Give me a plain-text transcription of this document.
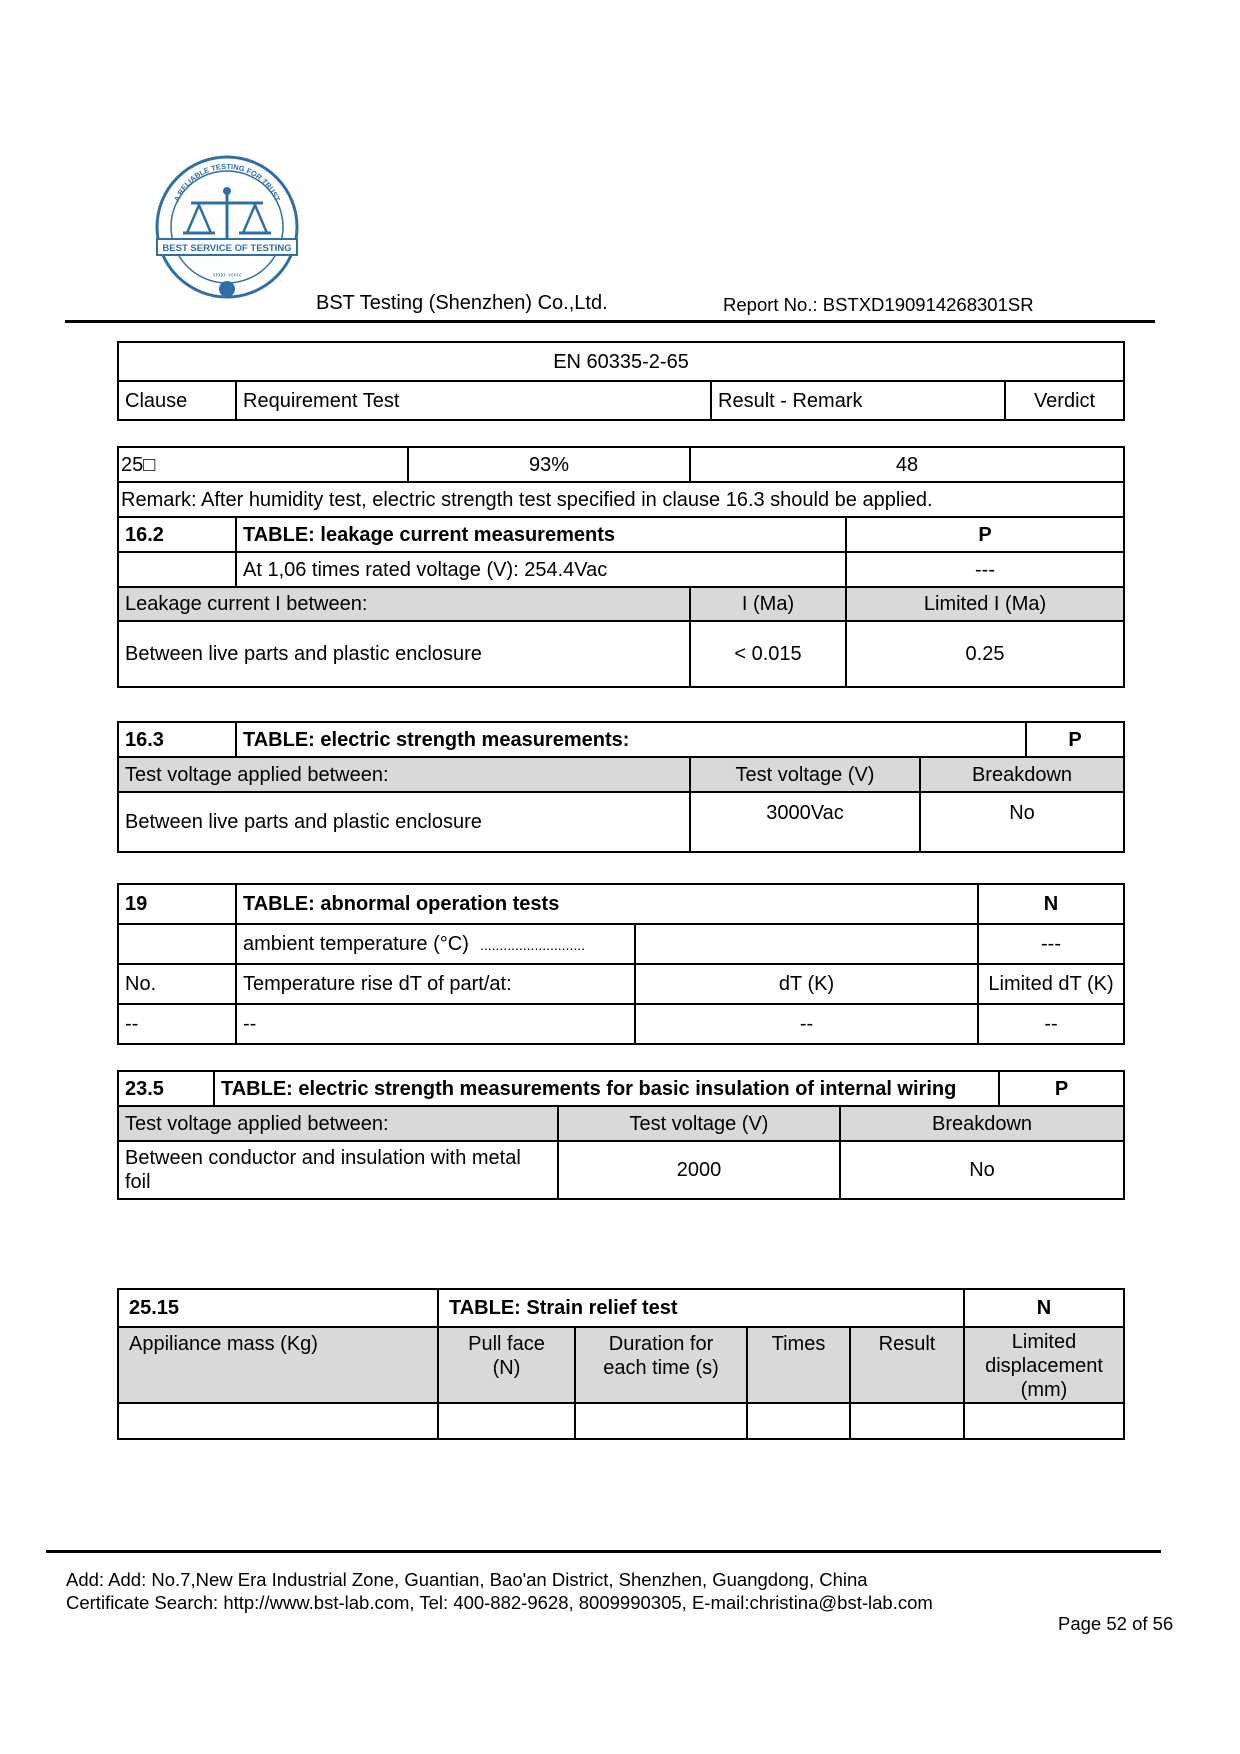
BEST SERVICE OF TESTING
A RELIABLE TESTING FOR TRUST
››››› ‹‹‹‹‹
BST Testing (Shenzhen) Co.,Ltd.	Report No.: BSTXD190914268301SR
EN 60335-2-65
Clause	Requirement Test	Result - Remark	Verdict
25□		93%	48	
Remark: After humidity test, electric strength test specified in clause 16.3 should be applied.				
16.2	TABLE: leakage current measurements			P
	At 1,06 times rated voltage (V): 254.4Vac			---
Leakage current I between:			I (Ma)	Limited I (Ma)
Between live parts and plastic enclosure			< 0.015	0.25
16.3	TABLE: electric strength measurements:			P
Test voltage applied between:		Test voltage (V)	Breakdown	
Between live parts and plastic enclosure		3000Vac	No	
19	TABLE: abnormal operation tests		N
	ambient temperature (°C) ...........................		---
No.	Temperature rise dT of part/at:	dT (K)	Limited dT (K)
--	--	--	--
23.5	TABLE: electric strength measurements for basic insulation of internal wiring			P
Test voltage applied between:		Test voltage (V)	Breakdown	
Between conductor and insulation with metal foil		2000	No	
25.15	TABLE: Strain relief test				N
Appiliance mass (Kg)	Pull face (N)	Duration for each time (s)	Times	Result	Limited displacement (mm)

Add: Add: No.7,New Era Industrial Zone, Guantian, Bao'an District, Shenzhen, Guangdong, China
Certificate Search: http://www.bst-lab.com, Tel: 400-882-9628, 8009990305, E-mail:christina@bst-lab.com
Page 52 of 56
